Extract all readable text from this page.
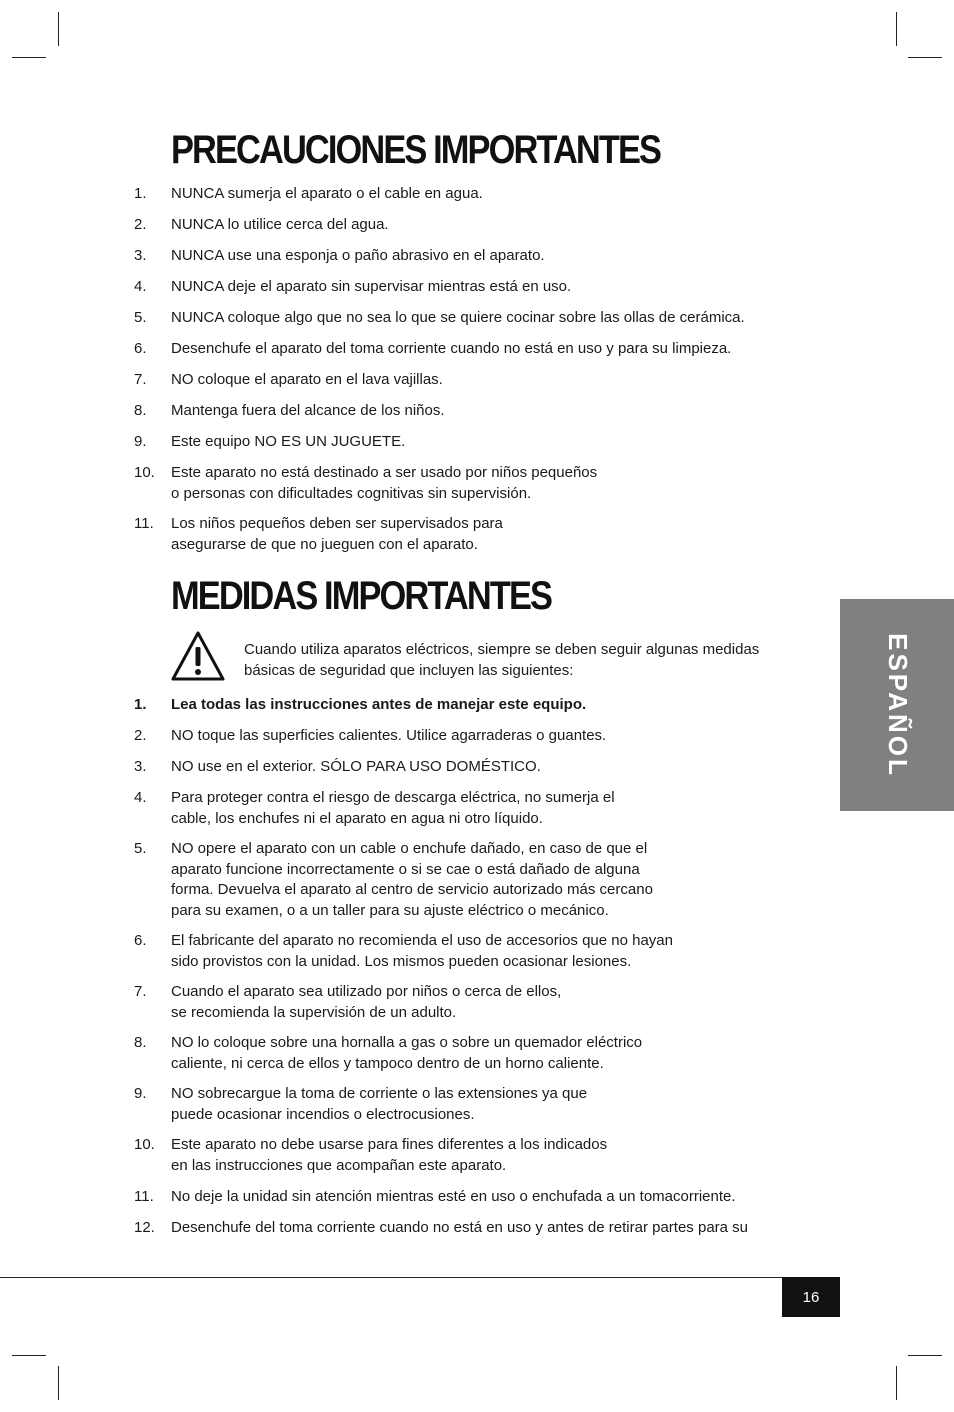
PRECAUCIONES IMPORTANTES
1. NUNCA sumerja el aparato o el cable en agua.
2. NUNCA lo utilice cerca del agua.
3. NUNCA use una esponja o paño abrasivo en el aparato.
4. NUNCA deje el aparato sin supervisar mientras está en uso.
5. NUNCA coloque algo que no sea lo que se quiere cocinar sobre las ollas de cerámica.
6. Desenchufe el aparato del toma corriente cuando no está en uso y para su limpieza.
7. NO coloque el aparato en el lava vajillas.
8. Mantenga fuera del alcance de los niños.
9. Este equipo NO ES UN JUGUETE.
10. Este aparato no está destinado a ser usado por niños pequeños
o personas con dificultades cognitivas sin supervisión.
11. Los niños pequeños deben ser supervisados para
asegurarse de que no jueguen con el aparato.
MEDIDAS IMPORTANTES
Cuando utiliza aparatos eléctricos, siempre se deben seguir algunas medidas
básicas de seguridad que incluyen las siguientes:
1. Lea todas las instrucciones antes de manejar este equipo.
2. NO toque las superficies calientes. Utilice agarraderas o guantes.
3. NO use en el exterior. SÓLO PARA USO DOMÉSTICO.
4. Para proteger contra el riesgo de descarga eléctrica, no sumerja el
cable, los enchufes ni el aparato en agua ni otro líquido.
5. NO opere el aparato con un cable o enchufe dañado, en caso de que el
aparato funcione incorrectamente o si se cae o está dañado de alguna
forma. Devuelva el aparato al centro de servicio autorizado más cercano
para su examen, o a un taller para su ajuste eléctrico o mecánico.
6. El fabricante del aparato no recomienda el uso de accesorios que no hayan
sido provistos con la unidad. Los mismos pueden ocasionar lesiones.
7. Cuando el aparato sea utilizado por niños o cerca de ellos,
se recomienda la supervisión de un adulto.
8. NO lo coloque sobre una hornalla a gas o sobre un quemador eléctrico
caliente, ni cerca de ellos y tampoco dentro de un horno caliente.
9. NO sobrecargue la toma de corriente o las extensiones ya que
puede ocasionar incendios o electrocusiones.
10. Este aparato no debe usarse para fines diferentes a los indicados
en las instrucciones que acompañan este aparato.
11. No deje la unidad sin atención mientras esté en uso o enchufada a un tomacorriente.
12. Desenchufe del toma corriente cuando no está en uso y antes de retirar partes para su
ESPAÑOL
16
